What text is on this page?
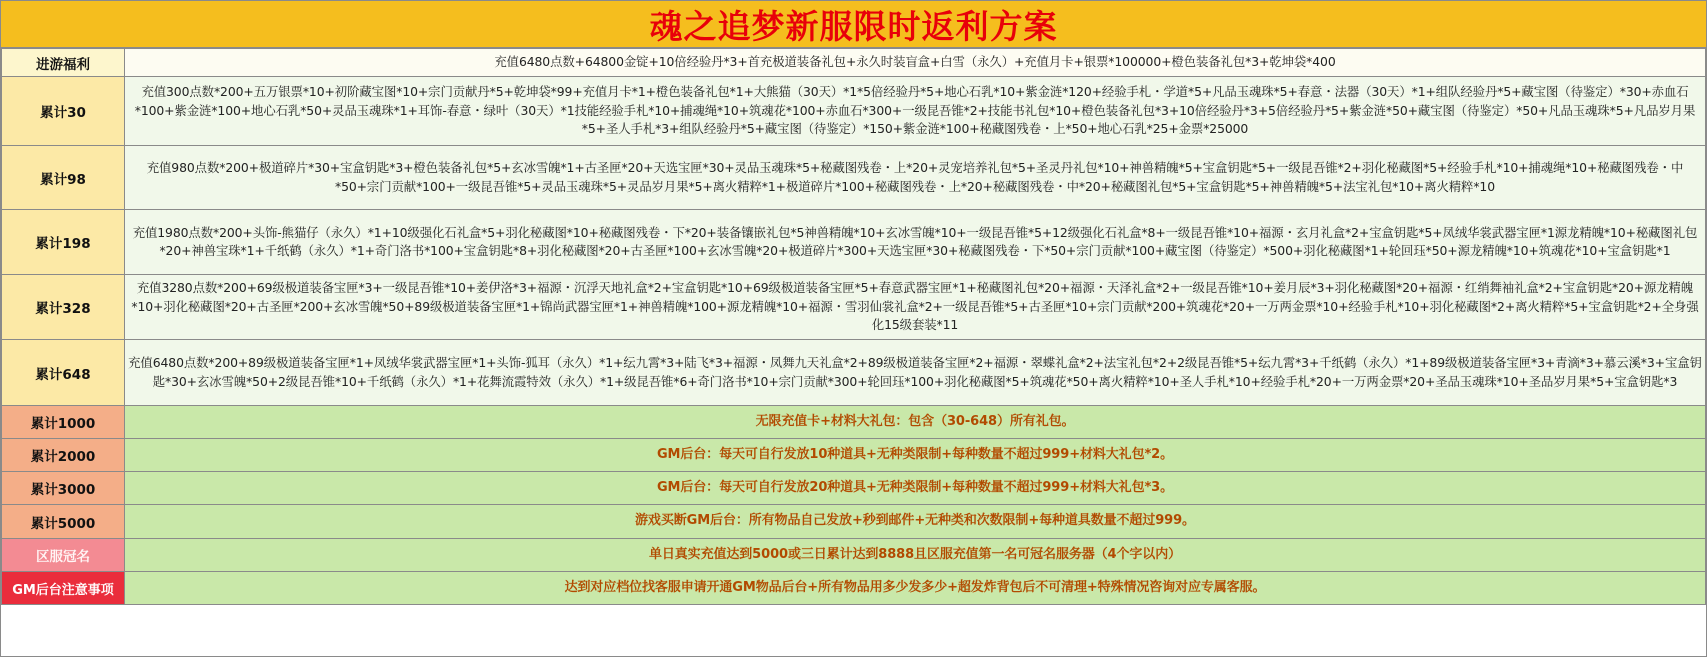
魂之追梦新服限时返利方案
进游福利	充值6480点数+64800金锭+10倍经验丹*3+首充极道装备礼包+永久时装盲盒+白雪（永久）+充值月卡+银票*100000+橙色装备礼包*3+乾坤袋*400
累计30	充值300点数*200+五万银票*10+初阶藏宝图*10+宗门贡献丹*5+乾坤袋*99+充值月卡*1+橙色装备礼包*1+大熊猫（30天）*1*5倍经验丹*5+地心石乳*10+紫金涟*120+经验手札・学道*5+凡品玉魂珠*5+春意・法器（30天）*1+组队经验丹*5+藏宝图（待鉴定）*30+赤血石*100+紫金涟*100+地心石乳*50+灵品玉魂珠*1+耳饰-春意・绿叶（30天）*1技能经验手札*10+捕魂绳*10+筑魂花*100+赤血石*300+一级昆吾锥*2+技能书礼包*10+橙色装备礼包*3+10倍经验丹*3+5倍经验丹*5+紫金涟*50+藏宝图（待鉴定）*50+凡品玉魂珠*5+凡品岁月果*5+圣人手札*3+组队经验丹*5+藏宝图（待鉴定）*150+紫金涟*100+秘藏图残卷・上*50+地心石乳*25+金票*25000
累计98	充值980点数*200+极道碎片*30+宝盒钥匙*3+橙色装备礼包*5+玄冰雪魄*1+古圣匣*20+天选宝匣*30+灵品玉魂珠*5+秘藏图残卷・上*20+灵宠培养礼包*5+圣灵丹礼包*10+神兽精魄*5+宝盒钥匙*5+一级昆吾锥*2+羽化秘藏图*5+经验手札*10+捕魂绳*10+秘藏图残卷・中*50+宗门贡献*100+一级昆吾锥*5+灵品玉魂珠*5+灵品岁月果*5+离火精粹*1+极道碎片*100+秘藏图残卷・上*20+秘藏图残卷・中*20+秘藏图礼包*5+宝盒钥匙*5+神兽精魄*5+法宝礼包*10+离火精粹*10
累计198	充值1980点数*200+头饰-熊猫仔（永久）*1+10级强化石礼盒*5+羽化秘藏图*10+秘藏图残卷・下*20+装备镶嵌礼包*5神兽精魄*10+玄冰雪魄*10+一级昆吾锥*5+12级强化石礼盒*8+一级昆吾锥*10+福源・玄月礼盒*2+宝盒钥匙*5+凤绒华裳武器宝匣*1源龙精魄*10+秘藏图礼包*20+神兽宝珠*1+千纸鹤（永久）*1+奇门洛书*100+宝盒钥匙*8+羽化秘藏图*20+古圣匣*100+玄冰雪魄*20+极道碎片*300+天选宝匣*30+秘藏图残卷・下*50+宗门贡献*100+藏宝图（待鉴定）*500+羽化秘藏图*1+轮回珏*50+源龙精魄*10+筑魂花*10+宝盒钥匙*1
累计328	充值3280点数*200+69级极道装备宝匣*3+一级昆吾锥*10+姜伊洛*3+福源・沉浮天地礼盒*2+宝盒钥匙*10+69级极道装备宝匣*5+春意武器宝匣*1+秘藏图礼包*20+福源・天泽礼盒*2+一级昆吾锥*10+姜月辰*3+羽化秘藏图*20+福源・红绡舞袖礼盒*2+宝盒钥匙*20+源龙精魄*10+羽化秘藏图*20+古圣匣*200+玄冰雪魄*50+89级极道装备宝匣*1+锦尚武器宝匣*1+神兽精魄*100+源龙精魄*10+福源・雪羽仙裳礼盒*2+一级昆吾锥*5+古圣匣*10+宗门贡献*200+筑魂花*20+一万两金票*10+经验手札*10+羽化秘藏图*2+离火精粹*5+宝盒钥匙*2+全身强化15级套装*11
累计648	充值6480点数*200+89级极道装备宝匣*1+凤绒华裳武器宝匣*1+头饰-狐耳（永久）*1+纭九霄*3+陆飞*3+福源・凤舞九天礼盒*2+89级极道装备宝匣*2+福源・翠蝶礼盒*2+法宝礼包*2+2级昆吾锥*5+纭九霄*3+千纸鹤（永久）*1+89级极道装备宝匣*3+青滴*3+慕云溪*3+宝盒钥匙*30+玄冰雪魄*50+2级昆吾锥*10+千纸鹤（永久）*1+花舞流霞特效（永久）*1+级昆吾锥*6+奇门洛书*10+宗门贡献*300+轮回珏*100+羽化秘藏图*5+筑魂花*50+离火精粹*10+圣人手札*10+经验手札*20+一万两金票*20+圣品玉魂珠*10+圣品岁月果*5+宝盒钥匙*3
累计1000	无限充值卡+材料大礼包：包含（30-648）所有礼包。
累计2000	GM后台：每天可自行发放10种道具+无种类限制+每种数量不超过999+材料大礼包*2。
累计3000	GM后台：每天可自行发放20种道具+无种类限制+每种数量不超过999+材料大礼包*3。
累计5000	游戏买断GM后台：所有物品自己发放+秒到邮件+无种类和次数限制+每种道具数量不超过999。
区服冠名	单日真实充值达到5000或三日累计达到8888且区服充值第一名可冠名服务器（4个字以内）
GM后台注意事项	达到对应档位找客服申请开通GM物品后台+所有物品用多少发多少+超发炸背包后不可清理+特殊情况咨询对应专属客服。
